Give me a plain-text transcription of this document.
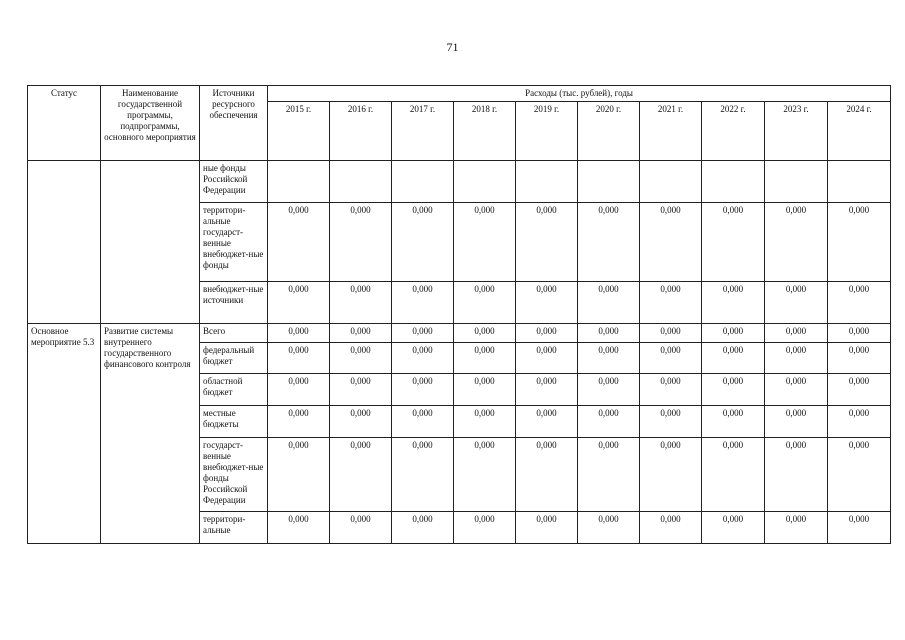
71
Статус	Наименование государственной программы, подпрограммы, основного мероприятия	Источники ресурсного обеспечения	Расходы (тыс. рублей), годы									
			2015 г.	2016 г.	2017 г.	2018 г.	2019 г.	2020 г.	2021 г.	2022 г.	2023 г.	2024 г.
		ные фонды Российской Федерации										
		территори-альные государст-венные внебюджет-ные фонды	0,000	0,000	0,000	0,000	0,000	0,000	0,000	0,000	0,000	0,000
		внебюджет-ные источники	0,000	0,000	0,000	0,000	0,000	0,000	0,000	0,000	0,000	0,000
Основное мероприятие 5.3	Развитие системы внутреннего государственного финансового контроля	Всего	0,000	0,000	0,000	0,000	0,000	0,000	0,000	0,000	0,000	0,000
		федеральный бюджет	0,000	0,000	0,000	0,000	0,000	0,000	0,000	0,000	0,000	0,000
		областной бюджет	0,000	0,000	0,000	0,000	0,000	0,000	0,000	0,000	0,000	0,000
		местные бюджеты	0,000	0,000	0,000	0,000	0,000	0,000	0,000	0,000	0,000	0,000
		государст-венные внебюджет-ные фонды Российской Федерации	0,000	0,000	0,000	0,000	0,000	0,000	0,000	0,000	0,000	0,000
		территори-альные	0,000	0,000	0,000	0,000	0,000	0,000	0,000	0,000	0,000	0,000
